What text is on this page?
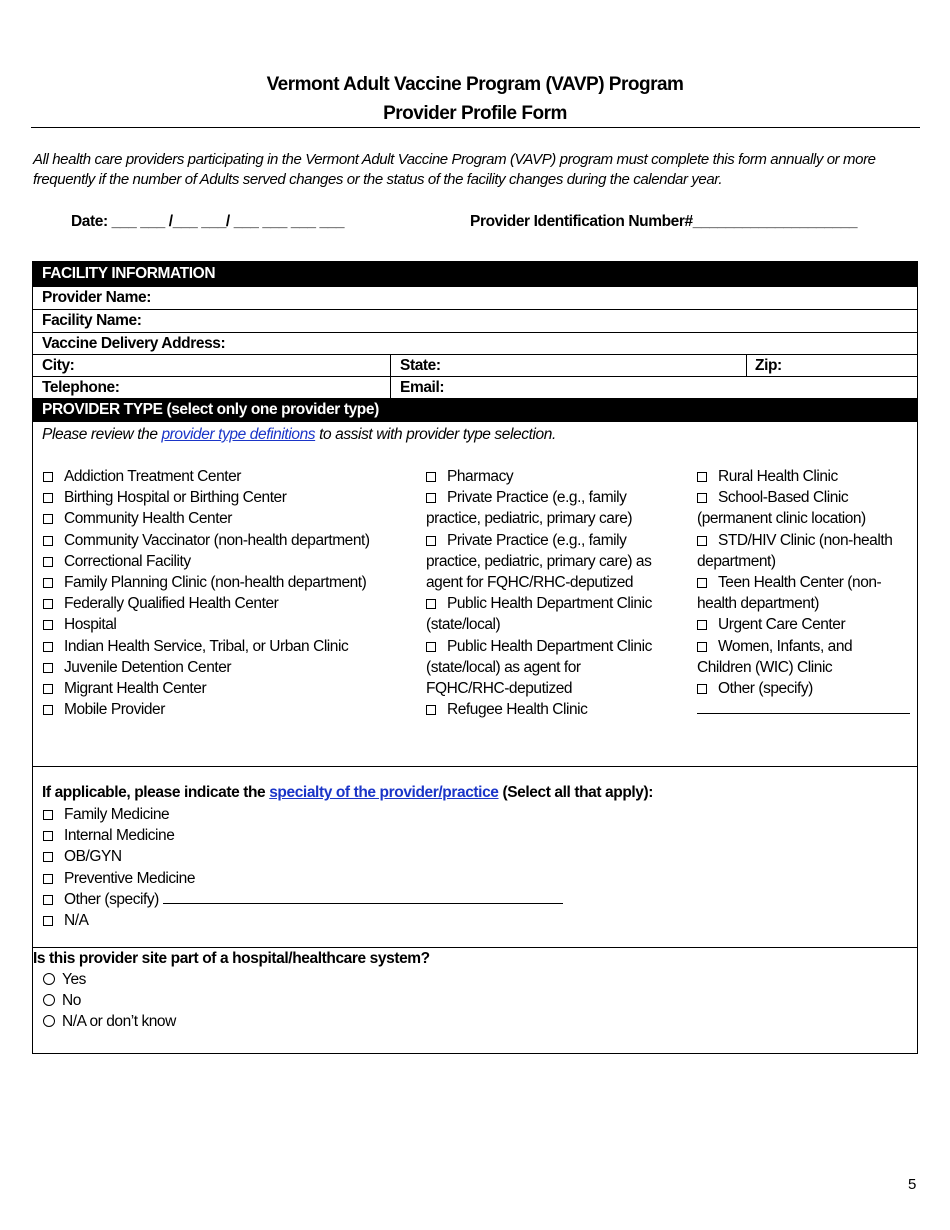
Vermont Adult Vaccine Program (VAVP) Program
Provider Profile Form
All health care providers participating in the Vermont Adult Vaccine Program (VAVP) program must complete this form annually or more frequently if the number of Adults served changes or the status of the facility changes during the calendar year.
Date: ___ ___ /___ ___/ ___ ___ ___ ___	Provider Identification Number#____________________
FACILITY INFORMATION
Provider Name:
Facility Name:
Vaccine Delivery Address:
City:	State:	Zip:
Telephone:	Email:
PROVIDER TYPE (select only one provider type)
Please review the provider type definitions to assist with provider type selection.
Addiction Treatment Center
Birthing Hospital or Birthing Center
Community Health Center
Community Vaccinator (non-health department)
Correctional Facility
Family Planning Clinic (non-health department)
Federally Qualified Health Center
Hospital
Indian Health Service, Tribal, or Urban Clinic
Juvenile Detention Center
Migrant Health Center
Mobile Provider
Pharmacy
Private Practice (e.g., family
practice, pediatric, primary care)
Private Practice (e.g., family
practice, pediatric, primary care) as
agent for FQHC/RHC-deputized
Public Health Department Clinic
(state/local)
Public Health Department Clinic
(state/local) as agent for
FQHC/RHC-deputized
Refugee Health Clinic
Rural Health Clinic
School-Based Clinic
(permanent clinic location)
STD/HIV Clinic (non-health
department)
Teen Health Center (non-
health department)
Urgent Care Center
Women, Infants, and
Children (WIC) Clinic
Other (specify)
If applicable, please indicate the specialty of the provider/practice (Select all that apply):
Family Medicine
Internal Medicine
OB/GYN
Preventive Medicine
Other (specify)
N/A
Is this provider site part of a hospital/healthcare system?
Yes
No
N/A or don’t know
5
